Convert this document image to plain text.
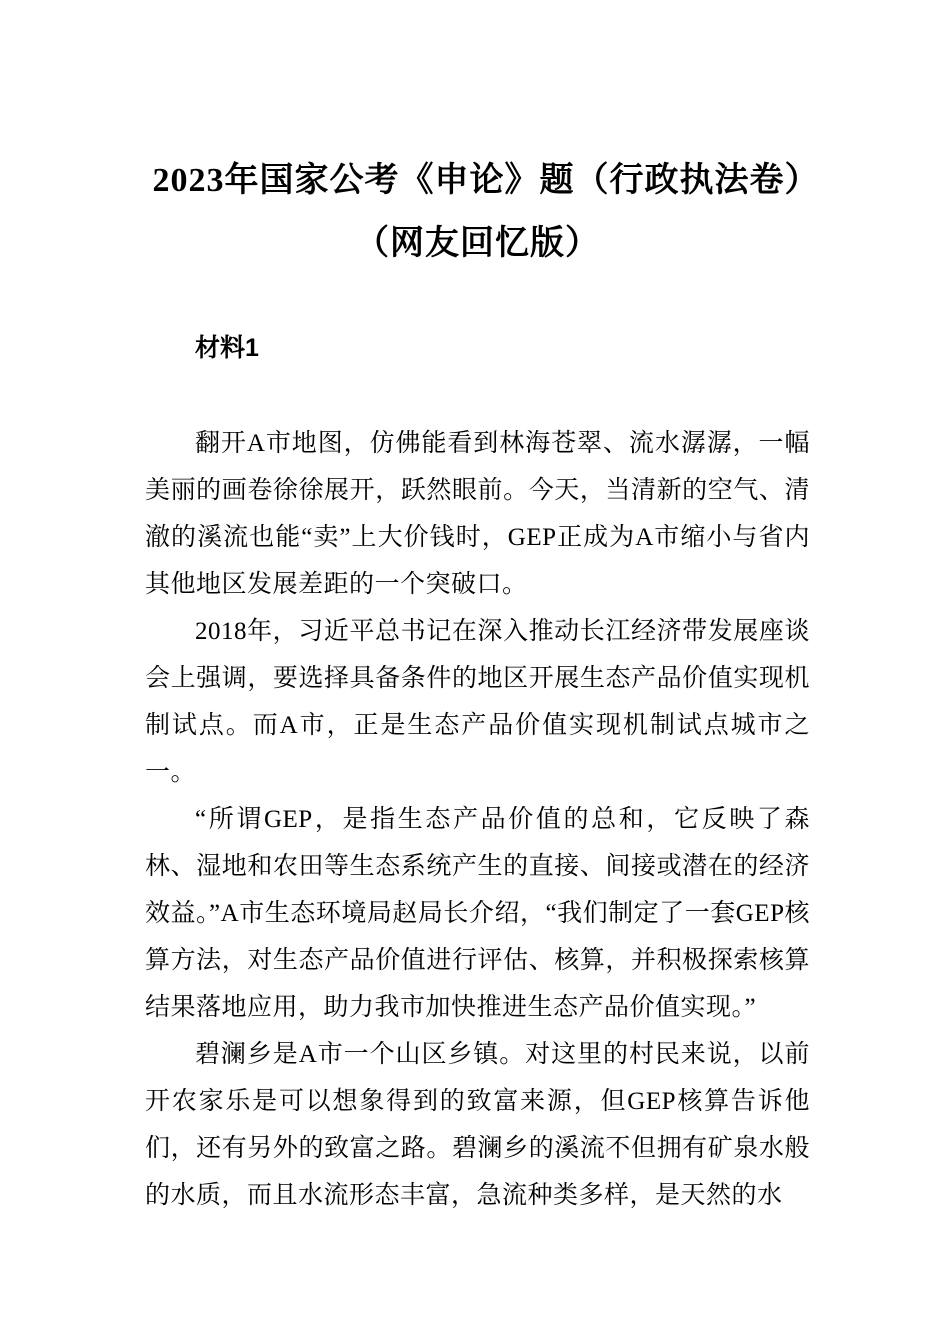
2023年国家公考《申论》题（行政执法卷）（网友回忆版）
材料1

翻开A市地图，仿佛能看到林海苍翠、流水潺潺，一幅美丽的画卷徐徐展开，跃然眼前。今天，当清新的空气、清澈的溪流也能“卖”上大价钱时，GEP正成为A市缩小与省内其他地区发展差距的一个突破口。

2018年，习近平总书记在深入推动长江经济带发展座谈会上强调，要选择具备条件的地区开展生态产品价值实现机制试点。而A市，正是生态产品价值实现机制试点城市之一。

“所谓GEP，是指生态产品价值的总和，它反映了森林、湿地和农田等生态系统产生的直接、间接或潜在的经济效益。”A市生态环境局赵局长介绍，“我们制定了一套GEP核算方法，对生态产品价值进行评估、核算，并积极探索核算结果落地应用，助力我市加快推进生态产品价值实现。”

碧澜乡是A市一个山区乡镇。对这里的村民来说，以前开农家乐是可以想象得到的致富来源，但GEP核算告诉他们，还有另外的致富之路。碧澜乡的溪流不但拥有矿泉水般的水质，而且水流形态丰富，急流种类多样，是天然的水
